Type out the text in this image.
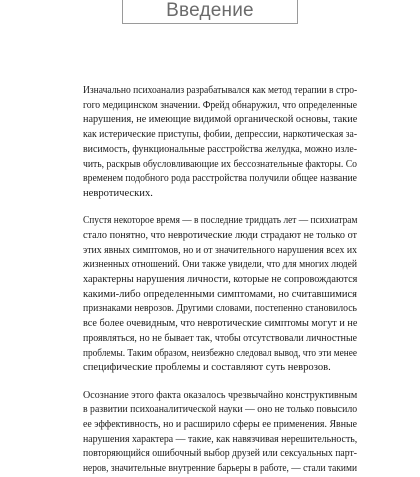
Введение

Изначально психоанализ разрабатывался как метод терапии в стро-
гого медицинском значении. Фрейд обнаружил, что определенные
нарушения, не имеющие видимой органической основы, такие
как истерические приступы, фобии, депрессии, наркотическая за-
висимость, функциональные расстройства желудка, можно излe-
чить, раскрыв обусловливающие их бессознательные факторы. Со
временем подобного рода расстройства получили общее название
невротических.

Спустя некоторое время — в последние тридцать лет — психиатрам
стало понятно, что невротические люди страдают не только от
этих явных симптомов, но и от значительного нарушения всех их
жизненных отношений. Они также увидели, что для многих людей
характерны нарушения личности, которые не сопровождаются
какими-либо определенными симптомами, но считавшимися
признаками неврозов. Другими словами, постепенно становилось
все более очевидным, что невротические симптомы могут и не
проявляться, но не бывает так, чтобы отсутствовали личностные
проблемы. Таким образом, неизбежно следовал вывод, что эти менее
специфические проблемы и составляют суть неврозов.

Осознание этого факта оказалось чрезвычайно конструктивным
в развитии психоаналитической науки — оно не только повысило
ее эффективность, но и расширило сферы ее применения. Явные
нарушения характера — такие, как навязчивая нерешительность,
повторяющийся ошибочный выбор друзей или сексуальных парт-
неров, значительные внутренние барьеры в работе, — стали такими
